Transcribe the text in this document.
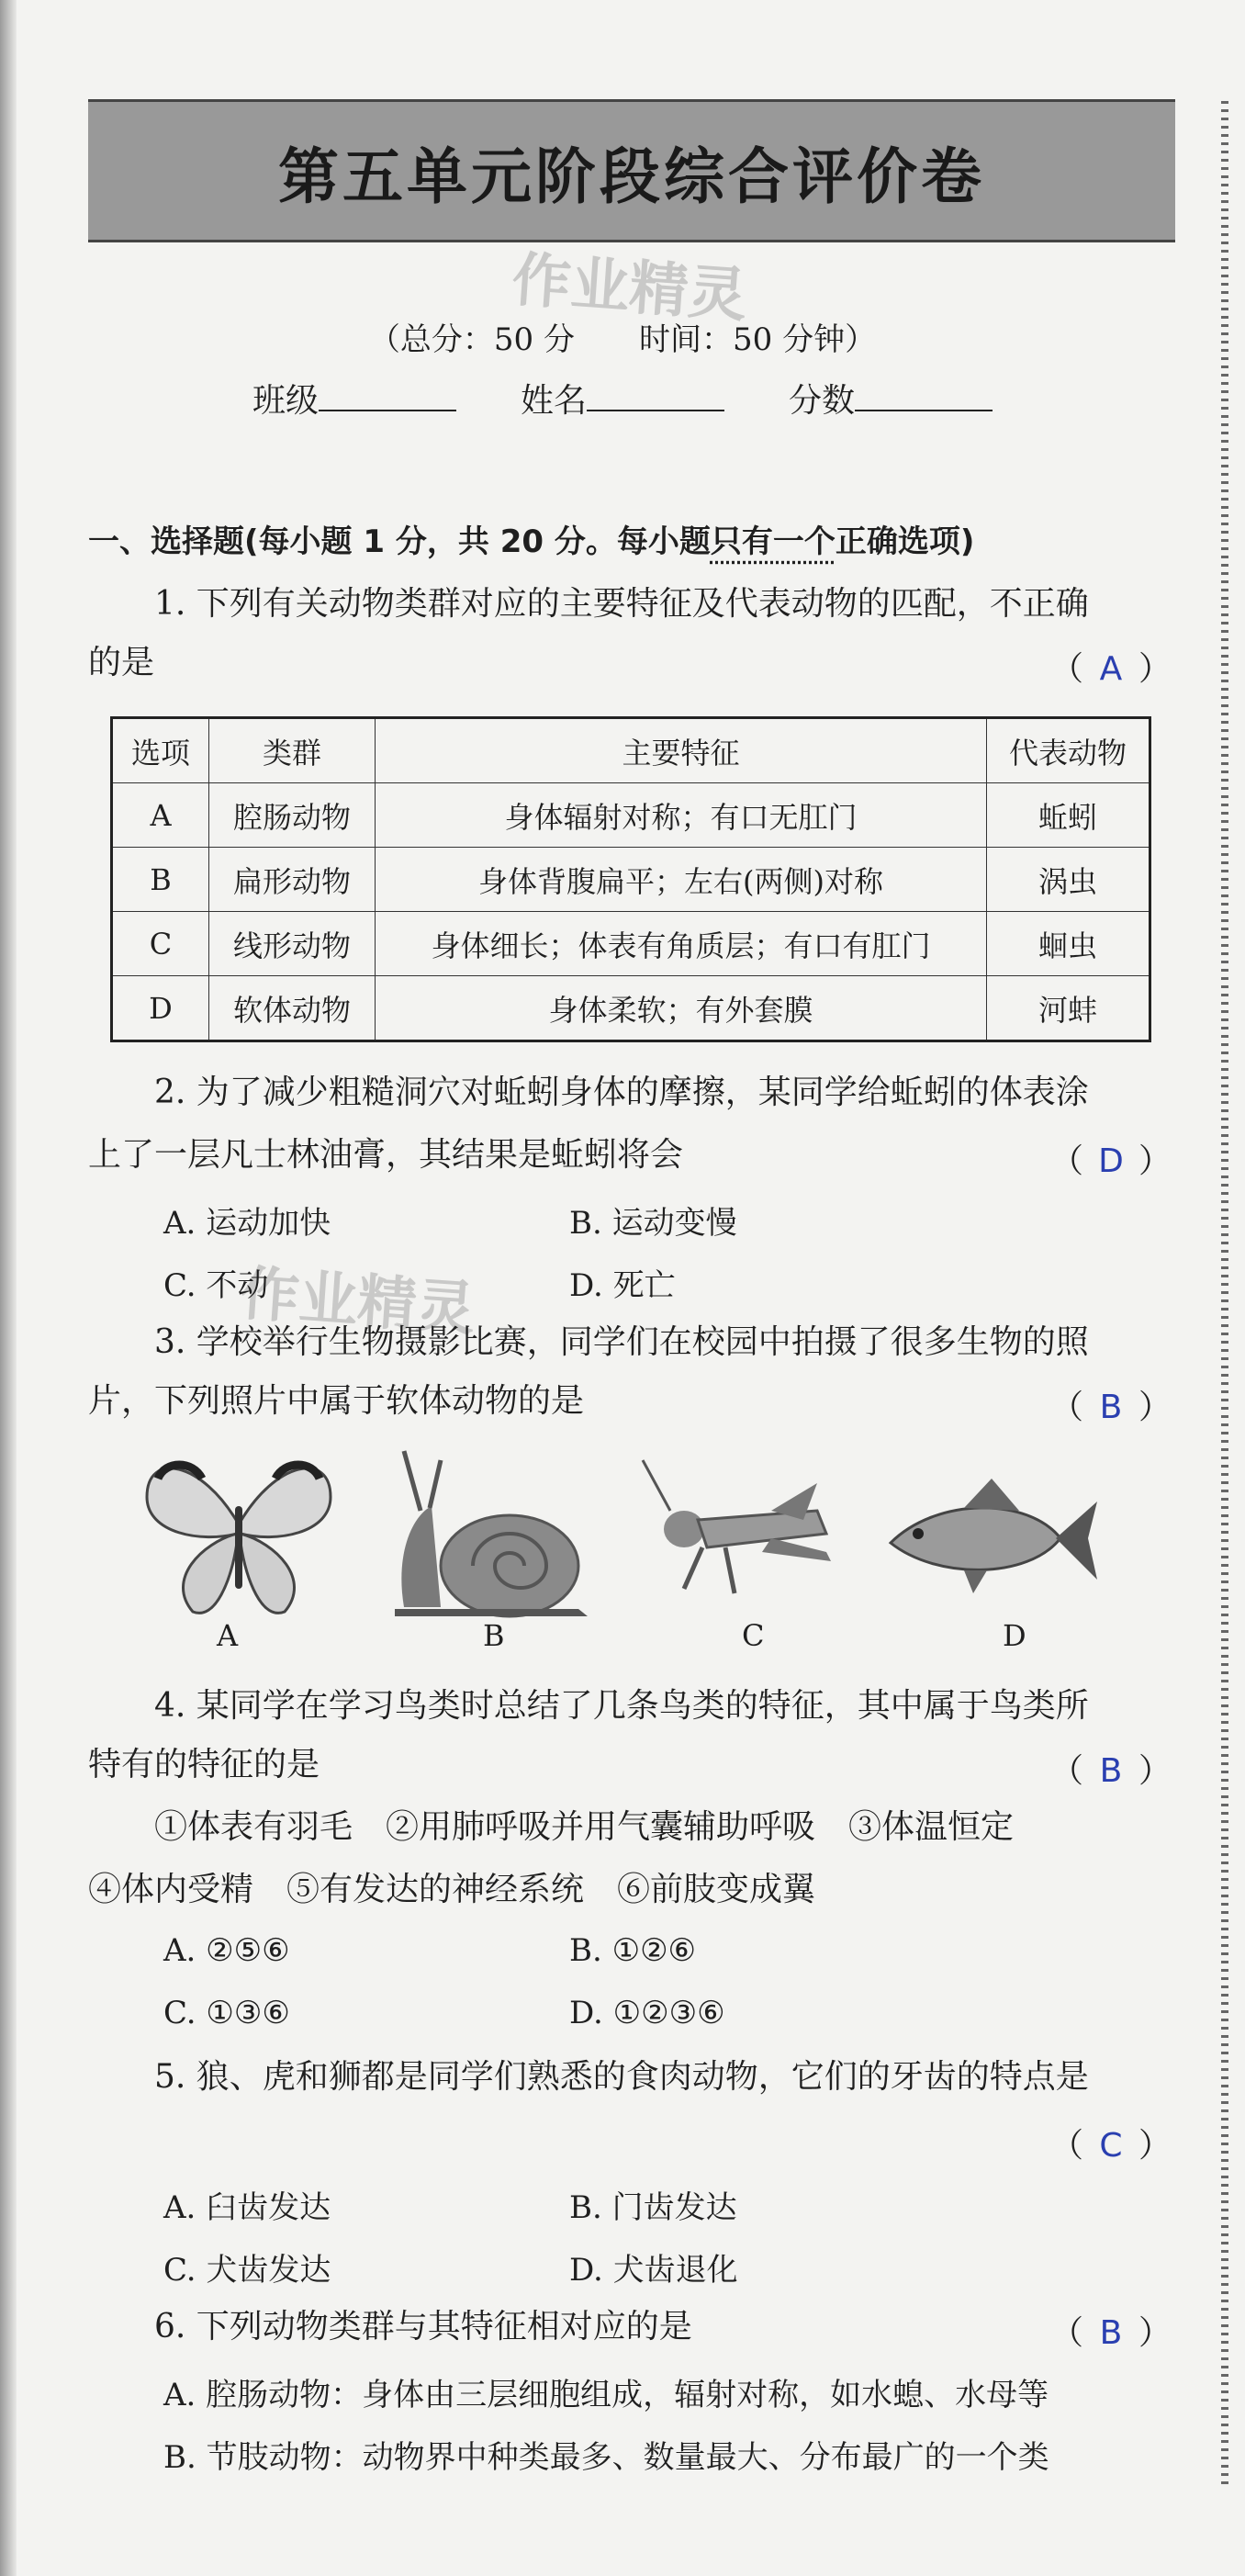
第五单元阶段综合评价卷
作业精灵
作业精灵
（总分：50 分 时间：50 分钟）
班级	姓名	分数
一、选择题(每小题 1 分，共 20 分。每小题只有一个正确选项)
1. 下列有关动物类群对应的主要特征及代表动物的匹配，不正确
的是	（ A ）
选项	类群	主要特征	代表动物
A	腔肠动物	身体辐射对称；有口无肛门	蚯蚓
B	扁形动物	身体背腹扁平；左右(两侧)对称	涡虫
C	线形动物	身体细长；体表有角质层；有口有肛门	蛔虫
D	软体动物	身体柔软；有外套膜	河蚌
2. 为了减少粗糙洞穴对蚯蚓身体的摩擦，某同学给蚯蚓的体表涂
上了一层凡士林油膏，其结果是蚯蚓将会	（ D ）
A. 运动加快	B. 运动变慢
C. 不动	D. 死亡
3. 学校举行生物摄影比赛，同学们在校园中拍摄了很多生物的照
片，下列照片中属于软体动物的是	（ B ）
A	B	C	D
4. 某同学在学习鸟类时总结了几条鸟类的特征，其中属于鸟类所
特有的特征的是	（ B ）
①体表有羽毛　②用肺呼吸并用气囊辅助呼吸　③体温恒定
④体内受精　⑤有发达的神经系统　⑥前肢变成翼
A. ②⑤⑥	B. ①②⑥
C. ①③⑥	D. ①②③⑥
5. 狼、虎和狮都是同学们熟悉的食肉动物，它们的牙齿的特点是
（ C ）
A. 臼齿发达	B. 门齿发达
C. 犬齿发达	D. 犬齿退化
6. 下列动物类群与其特征相对应的是	（ B ）
A. 腔肠动物：身体由三层细胞组成，辐射对称，如水螅、水母等
B. 节肢动物：动物界中种类最多、数量最大、分布最广的一个类
